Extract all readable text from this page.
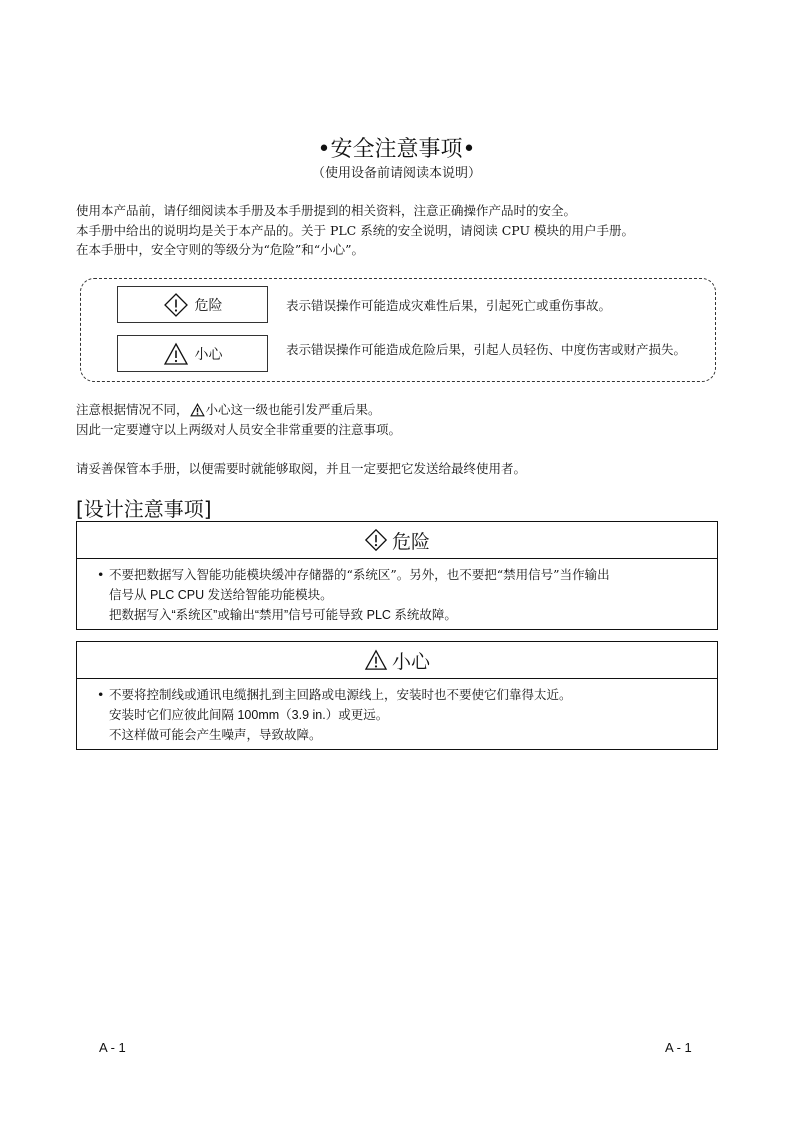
•安全注意事项•
（使用设备前请阅读本说明）
使用本产品前，请仔细阅读本手册及本手册提到的相关资料，注意正确操作产品时的安全。
本手册中给出的说明均是关于本产品的。关于 PLC 系统的安全说明，请阅读 CPU 模块的用户手册。
在本手册中，安全守则的等级分为“危险”和“小心”。
危险	表示错误操作可能造成灾难性后果，引起死亡或重伤事故。
小心	表示错误操作可能造成危险后果，引起人员轻伤、中度伤害或财产损失。
注意根据情况不同， 小心 这一级也能引发严重后果。
因此一定要遵守以上两级对人员安全非常重要的注意事项。
请妥善保管本手册，以便需要时就能够取阅，并且一定要把它发送给最终使用者。
[设计注意事项]
危险
• 不要把数据写入智能功能模块缓冲存储器的“系统区”。另外，也不要把“禁用信号”当作输出
信号从 PLC CPU 发送给智能功能模块。
把数据写入“系统区”或输出“禁用”信号可能导致 PLC 系统故障。
小心
• 不要将控制线或通讯电缆捆扎到主回路或电源线上，安装时也不要使它们靠得太近。
安装时它们应彼此间隔 100mm（3.9 in.）或更远。
不这样做可能会产生噪声，导致故障。
A - 1	A - 1
